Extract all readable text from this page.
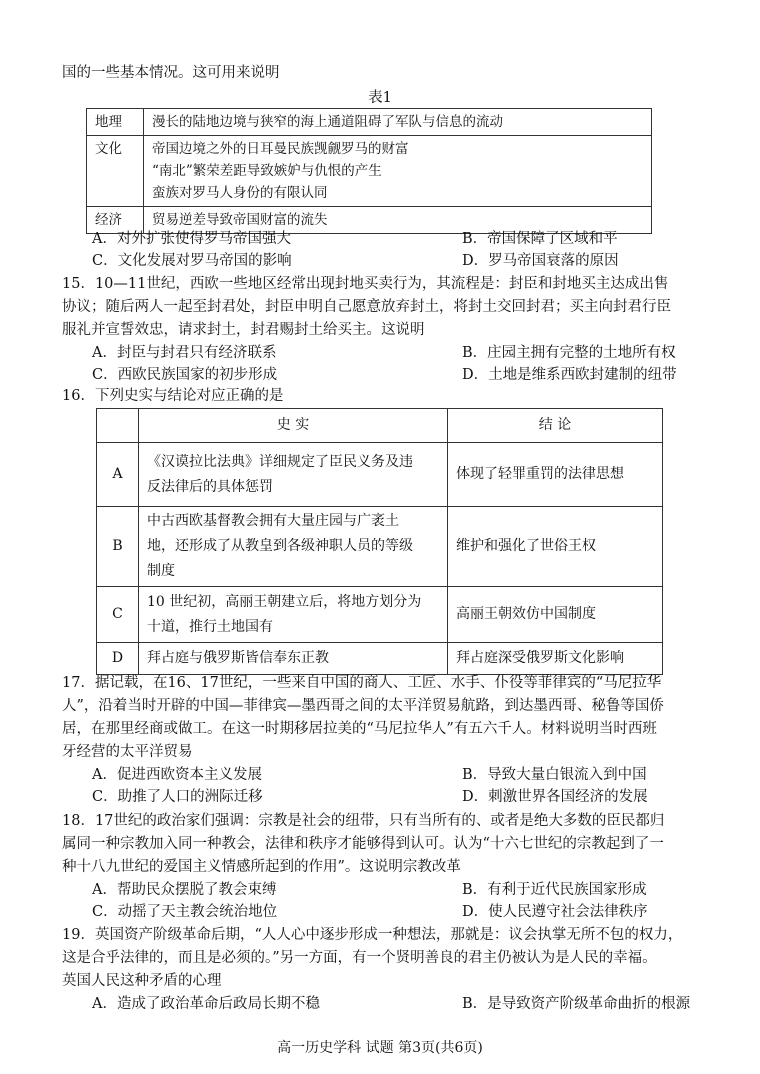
国的一些基本情况。这可用来说明
表1
地理	漫长的陆地边境与狭窄的海上通道阻碍了军队与信息的流动

文化	帝国边境之外的日耳曼民族觊觎罗马的财富
“南北”繁荣差距导致嫉妒与仇恨的产生
蛮族对罗马人身份的有限认同

经济	贸易逆差导致帝国财富的流失
A．对外扩张使得罗马帝国强大	B．帝国保障了区域和平
C．文化发展对罗马帝国的影响	D．罗马帝国衰落的原因
15．10—11世纪，西欧一些地区经常出现封地买卖行为，其流程是：封臣和封地买主达成出售
协议；随后两人一起至封君处，封臣申明自己愿意放弃封土，将封土交回封君；买主向封君行臣
服礼并宣誓效忠，请求封土，封君赐封土给买主。这说明
A．封臣与封君只有经济联系	B．庄园主拥有完整的土地所有权
C．西欧民族国家的初步形成	D．土地是维系西欧封建制的纽带
16．下列史实与结论对应正确的是
	史 实	结 论
A	《汉谟拉比法典》详细规定了臣民义务及违
反法律后的具体惩罚	体现了轻罪重罚的法律思想
B	中古西欧基督教会拥有大量庄园与广袤土
地，还形成了从教皇到各级神职人员的等级
制度	维护和强化了世俗王权
C	10 世纪初，高丽王朝建立后，将地方划分为
十道，推行土地国有	高丽王朝效仿中国制度
D	拜占庭与俄罗斯皆信奉东正教	拜占庭深受俄罗斯文化影响
17．据记载，在16、17世纪，一些来自中国的商人、工匠、水手、仆役等菲律宾的“马尼拉华
人”，沿着当时开辟的中国—菲律宾—墨西哥之间的太平洋贸易航路，到达墨西哥、秘鲁等国侨
居，在那里经商或做工。在这一时期移居拉美的“马尼拉华人”有五六千人。材料说明当时西班
牙经营的太平洋贸易
A．促进西欧资本主义发展	B．导致大量白银流入到中国
C．助推了人口的洲际迁移	D．刺激世界各国经济的发展
18．17世纪的政治家们强调：宗教是社会的纽带，只有当所有的、或者是绝大多数的臣民都归
属同一种宗教加入同一种教会，法律和秩序才能够得到认可。认为“十六七世纪的宗教起到了一
种十八九世纪的爱国主义情感所起到的作用”。这说明宗教改革
A．帮助民众摆脱了教会束缚	B．有利于近代民族国家形成
C．动摇了天主教会统治地位	D．使人民遵守社会法律秩序
19．英国资产阶级革命后期，“人人心中逐步形成一种想法，那就是：议会执掌无所不包的权力，
这是合乎法律的，而且是必须的。”另一方面，有一个贤明善良的君主仍被认为是人民的幸福。
英国人民这种矛盾的心理
A．造成了政治革命后政局长期不稳	B．是导致资产阶级革命曲折的根源
高一历史学科 试题 第3页(共6页)
